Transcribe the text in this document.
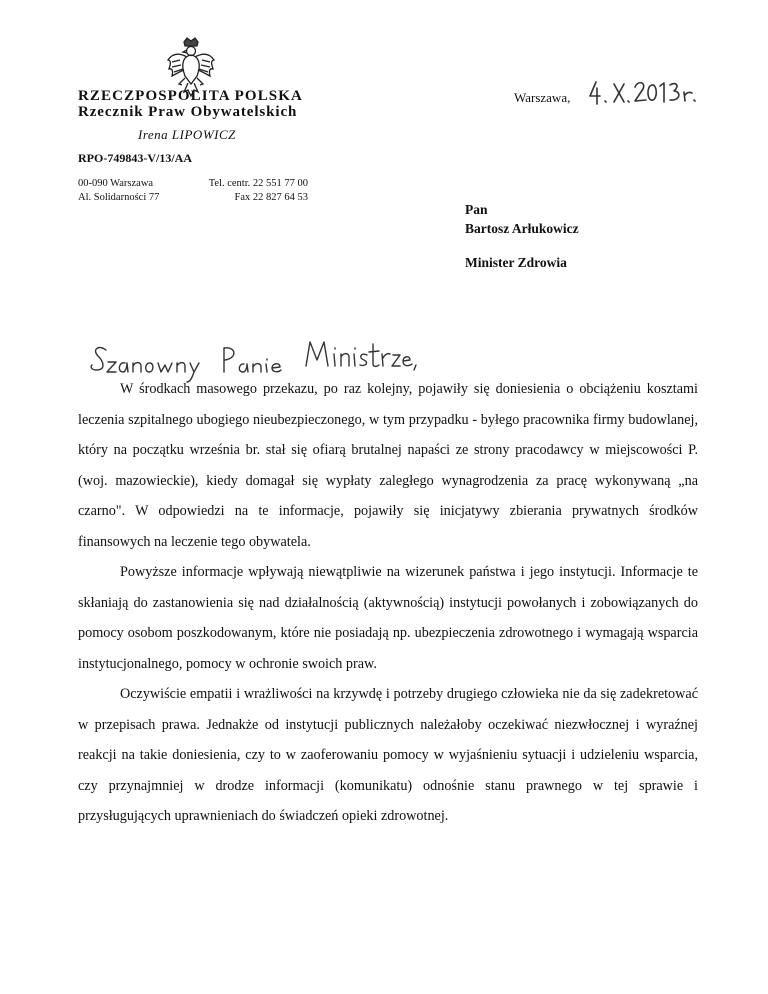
RZECZPOSPOLITA POLSKA
Rzecznik Praw Obywatelskich
Irena LIPOWICZ
RPO-749843-V/13/AA
00-090 Warszawa
Al. Solidarności 77
Tel. centr. 22 551 77 00
Fax 22 827 64 53
Warszawa,
Pan
Bartosz Arłukowicz
Minister Zdrowia

W środkach masowego przekazu, po raz kolejny, pojawiły się doniesienia o obciążeniu kosztami leczenia szpitalnego ubogiego nieubezpieczonego, w tym przypadku - byłego pracownika firmy budowlanej, który na początku września br. stał się ofiarą brutalnej napaści ze strony pracodawcy w miejscowości P. (woj. mazowieckie), kiedy domagał się wypłaty zaległego wynagrodzenia za pracę wykonywaną „na czarno". W odpowiedzi na te informacje, pojawiły się inicjatywy zbierania prywatnych środków finansowych na leczenie tego obywatela.

Powyższe informacje wpływają niewątpliwie na wizerunek państwa i jego instytucji. Informacje te skłaniają do zastanowienia się nad działalnością (aktywnością) instytucji powołanych i zobowiązanych do pomocy osobom poszkodowanym, które nie posiadają np. ubezpieczenia zdrowotnego i wymagają wsparcia instytucjonalnego, pomocy w ochronie swoich praw.

Oczywiście empatii i wrażliwości na krzywdę i potrzeby drugiego człowieka nie da się zadekretować w przepisach prawa. Jednakże od instytucji publicznych należałoby oczekiwać niezwłocznej i wyraźnej reakcji na takie doniesienia, czy to w zaoferowaniu pomocy w wyjaśnieniu sytuacji i udzieleniu wsparcia, czy przynajmniej w drodze informacji (komunikatu) odnośnie stanu prawnego w tej sprawie i przysługujących uprawnieniach do świadczeń opieki zdrowotnej.
